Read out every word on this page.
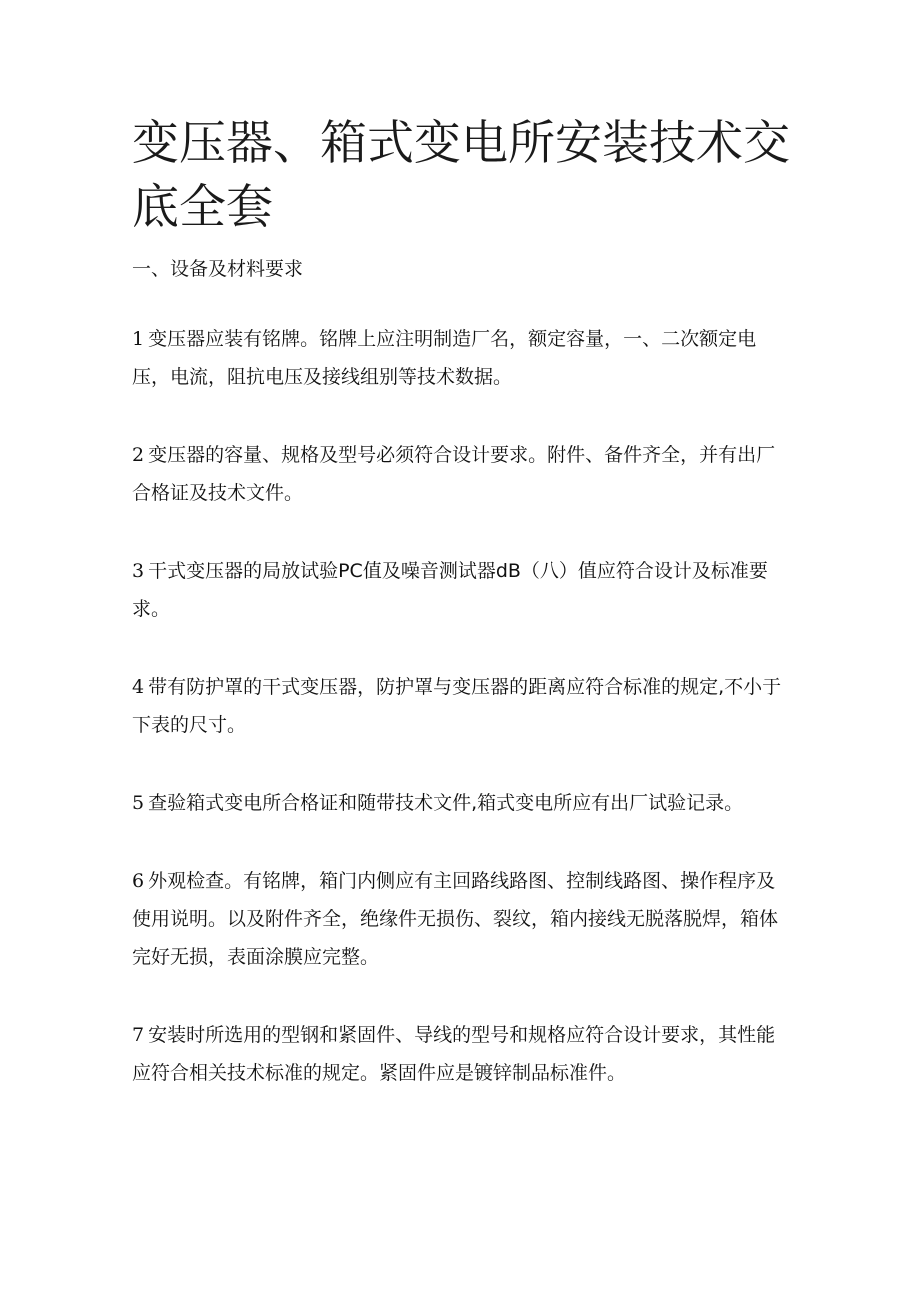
变压器、箱式变电所安装技术交底全套

一、设备及材料要求

1 变压器应装有铭牌。铭牌上应注明制造厂名，额定容量，一、二次额定电压，电流，阻抗电压及接线组别等技术数据。

2 变压器的容量、规格及型号必须符合设计要求。附件、备件齐全，并有出厂合格证及技术文件。

3 干式变压器的局放试验PC值及噪音测试器dB（八）值应符合设计及标准要求。

4 带有防护罩的干式变压器，防护罩与变压器的距离应符合标准的规定,不小于下表的尺寸。

5 查验箱式变电所合格证和随带技术文件,箱式变电所应有出厂试验记录。

6 外观检查。有铭牌，箱门内侧应有主回路线路图、控制线路图、操作程序及使用说明。以及附件齐全，绝缘件无损伤、裂纹，箱内接线无脱落脱焊，箱体完好无损，表面涂膜应完整。

7 安装时所选用的型钢和紧固件、导线的型号和规格应符合设计要求，其性能应符合相关技术标准的规定。紧固件应是镀锌制品标准件。
